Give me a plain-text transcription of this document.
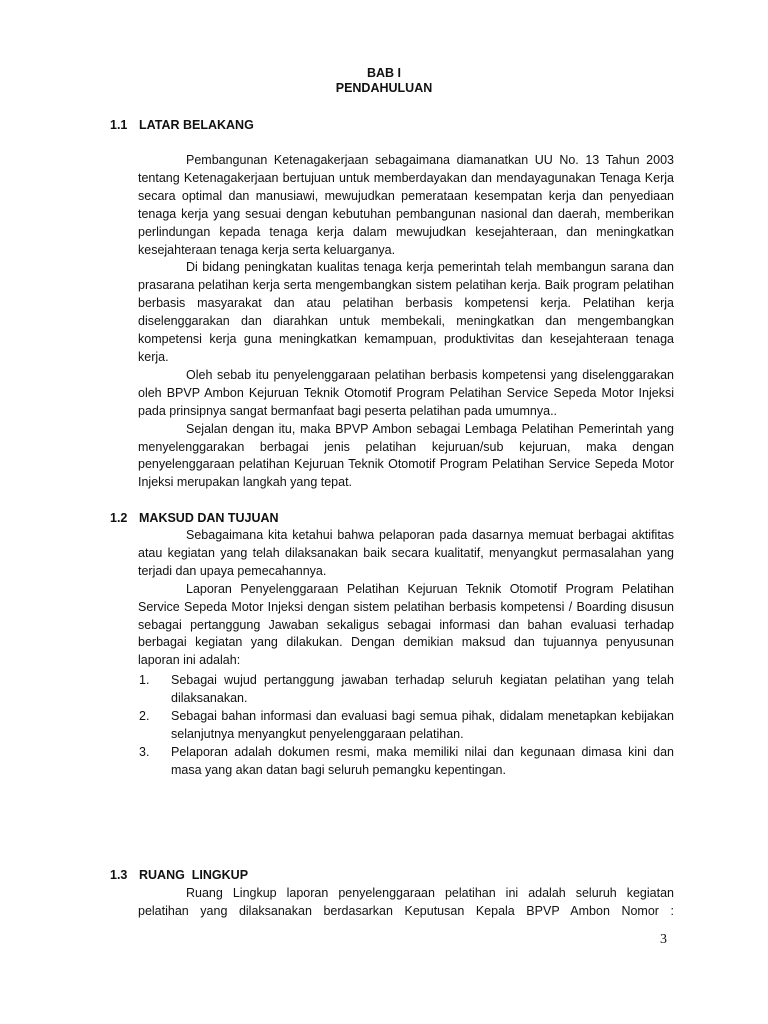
BAB I
PENDAHULUAN
1.1 LATAR BELAKANG

Pembangunan Ketenagakerjaan sebagaimana diamanatkan UU No. 13 Tahun 2003 tentang Ketenagakerjaan bertujuan untuk memberdayakan dan mendayagunakan Tenaga Kerja secara optimal dan manusiawi, mewujudkan pemerataan kesempatan kerja dan penyediaan tenaga kerja yang sesuai dengan kebutuhan pembangunan nasional dan daerah, memberikan perlindungan kepada tenaga kerja dalam mewujudkan kesejahteraan, dan meningkatkan kesejahteraan tenaga kerja serta keluarganya.

Di bidang peningkatan kualitas tenaga kerja pemerintah telah membangun sarana dan prasarana pelatihan kerja serta mengembangkan sistem pelatihan kerja. Baik program pelatihan berbasis masyarakat dan atau pelatihan berbasis kompetensi kerja. Pelatihan kerja diselenggarakan dan diarahkan untuk membekali, meningkatkan dan mengembangkan kompetensi kerja guna meningkatkan kemampuan, produktivitas dan kesejahteraan tenaga kerja.

Oleh sebab itu penyelenggaraan pelatihan berbasis kompetensi yang diselenggarakan oleh BPVP Ambon Kejuruan Teknik Otomotif Program Pelatihan Service Sepeda Motor Injeksi pada prinsipnya sangat bermanfaat bagi peserta pelatihan pada umumnya..

Sejalan dengan itu, maka BPVP Ambon sebagai Lembaga Pelatihan Pemerintah yang menyelenggarakan berbagai jenis pelatihan kejuruan/sub kejuruan, maka dengan penyelenggaraan pelatihan Kejuruan Teknik Otomotif Program Pelatihan Service Sepeda Motor Injeksi merupakan langkah yang tepat.

1.2 MAKSUD DAN TUJUAN

Sebagaimana kita ketahui bahwa pelaporan pada dasarnya memuat berbagai aktifitas atau kegiatan yang telah dilaksanakan baik secara kualitatif, menyangkut permasalahan yang terjadi dan upaya pemecahannya.

Laporan Penyelenggaraan Pelatihan Kejuruan Teknik Otomotif Program Pelatihan Service Sepeda Motor Injeksi dengan sistem pelatihan berbasis kompetensi / Boarding disusun sebagai pertanggung Jawaban sekaligus sebagai informasi dan bahan evaluasi terhadap berbagai kegiatan yang dilakukan. Dengan demikian maksud dan tujuannya penyusunan laporan ini adalah:

1. Sebagai wujud pertanggung jawaban terhadap seluruh kegiatan pelatihan yang telah dilaksanakan.
2. Sebagai bahan informasi dan evaluasi bagi semua pihak, didalam menetapkan kebijakan selanjutnya menyangkut penyelenggaraan pelatihan.
3. Pelaporan adalah dokumen resmi, maka memiliki nilai dan kegunaan dimasa kini dan masa yang akan datan bagi seluruh pemangku kepentingan.
1.3 RUANG  LINGKUP

Ruang Lingkup laporan penyelenggaraan pelatihan ini adalah seluruh kegiatan pelatihan yang dilaksanakan berdasarkan Keputusan Kepala BPVP Ambon Nomor :

3
